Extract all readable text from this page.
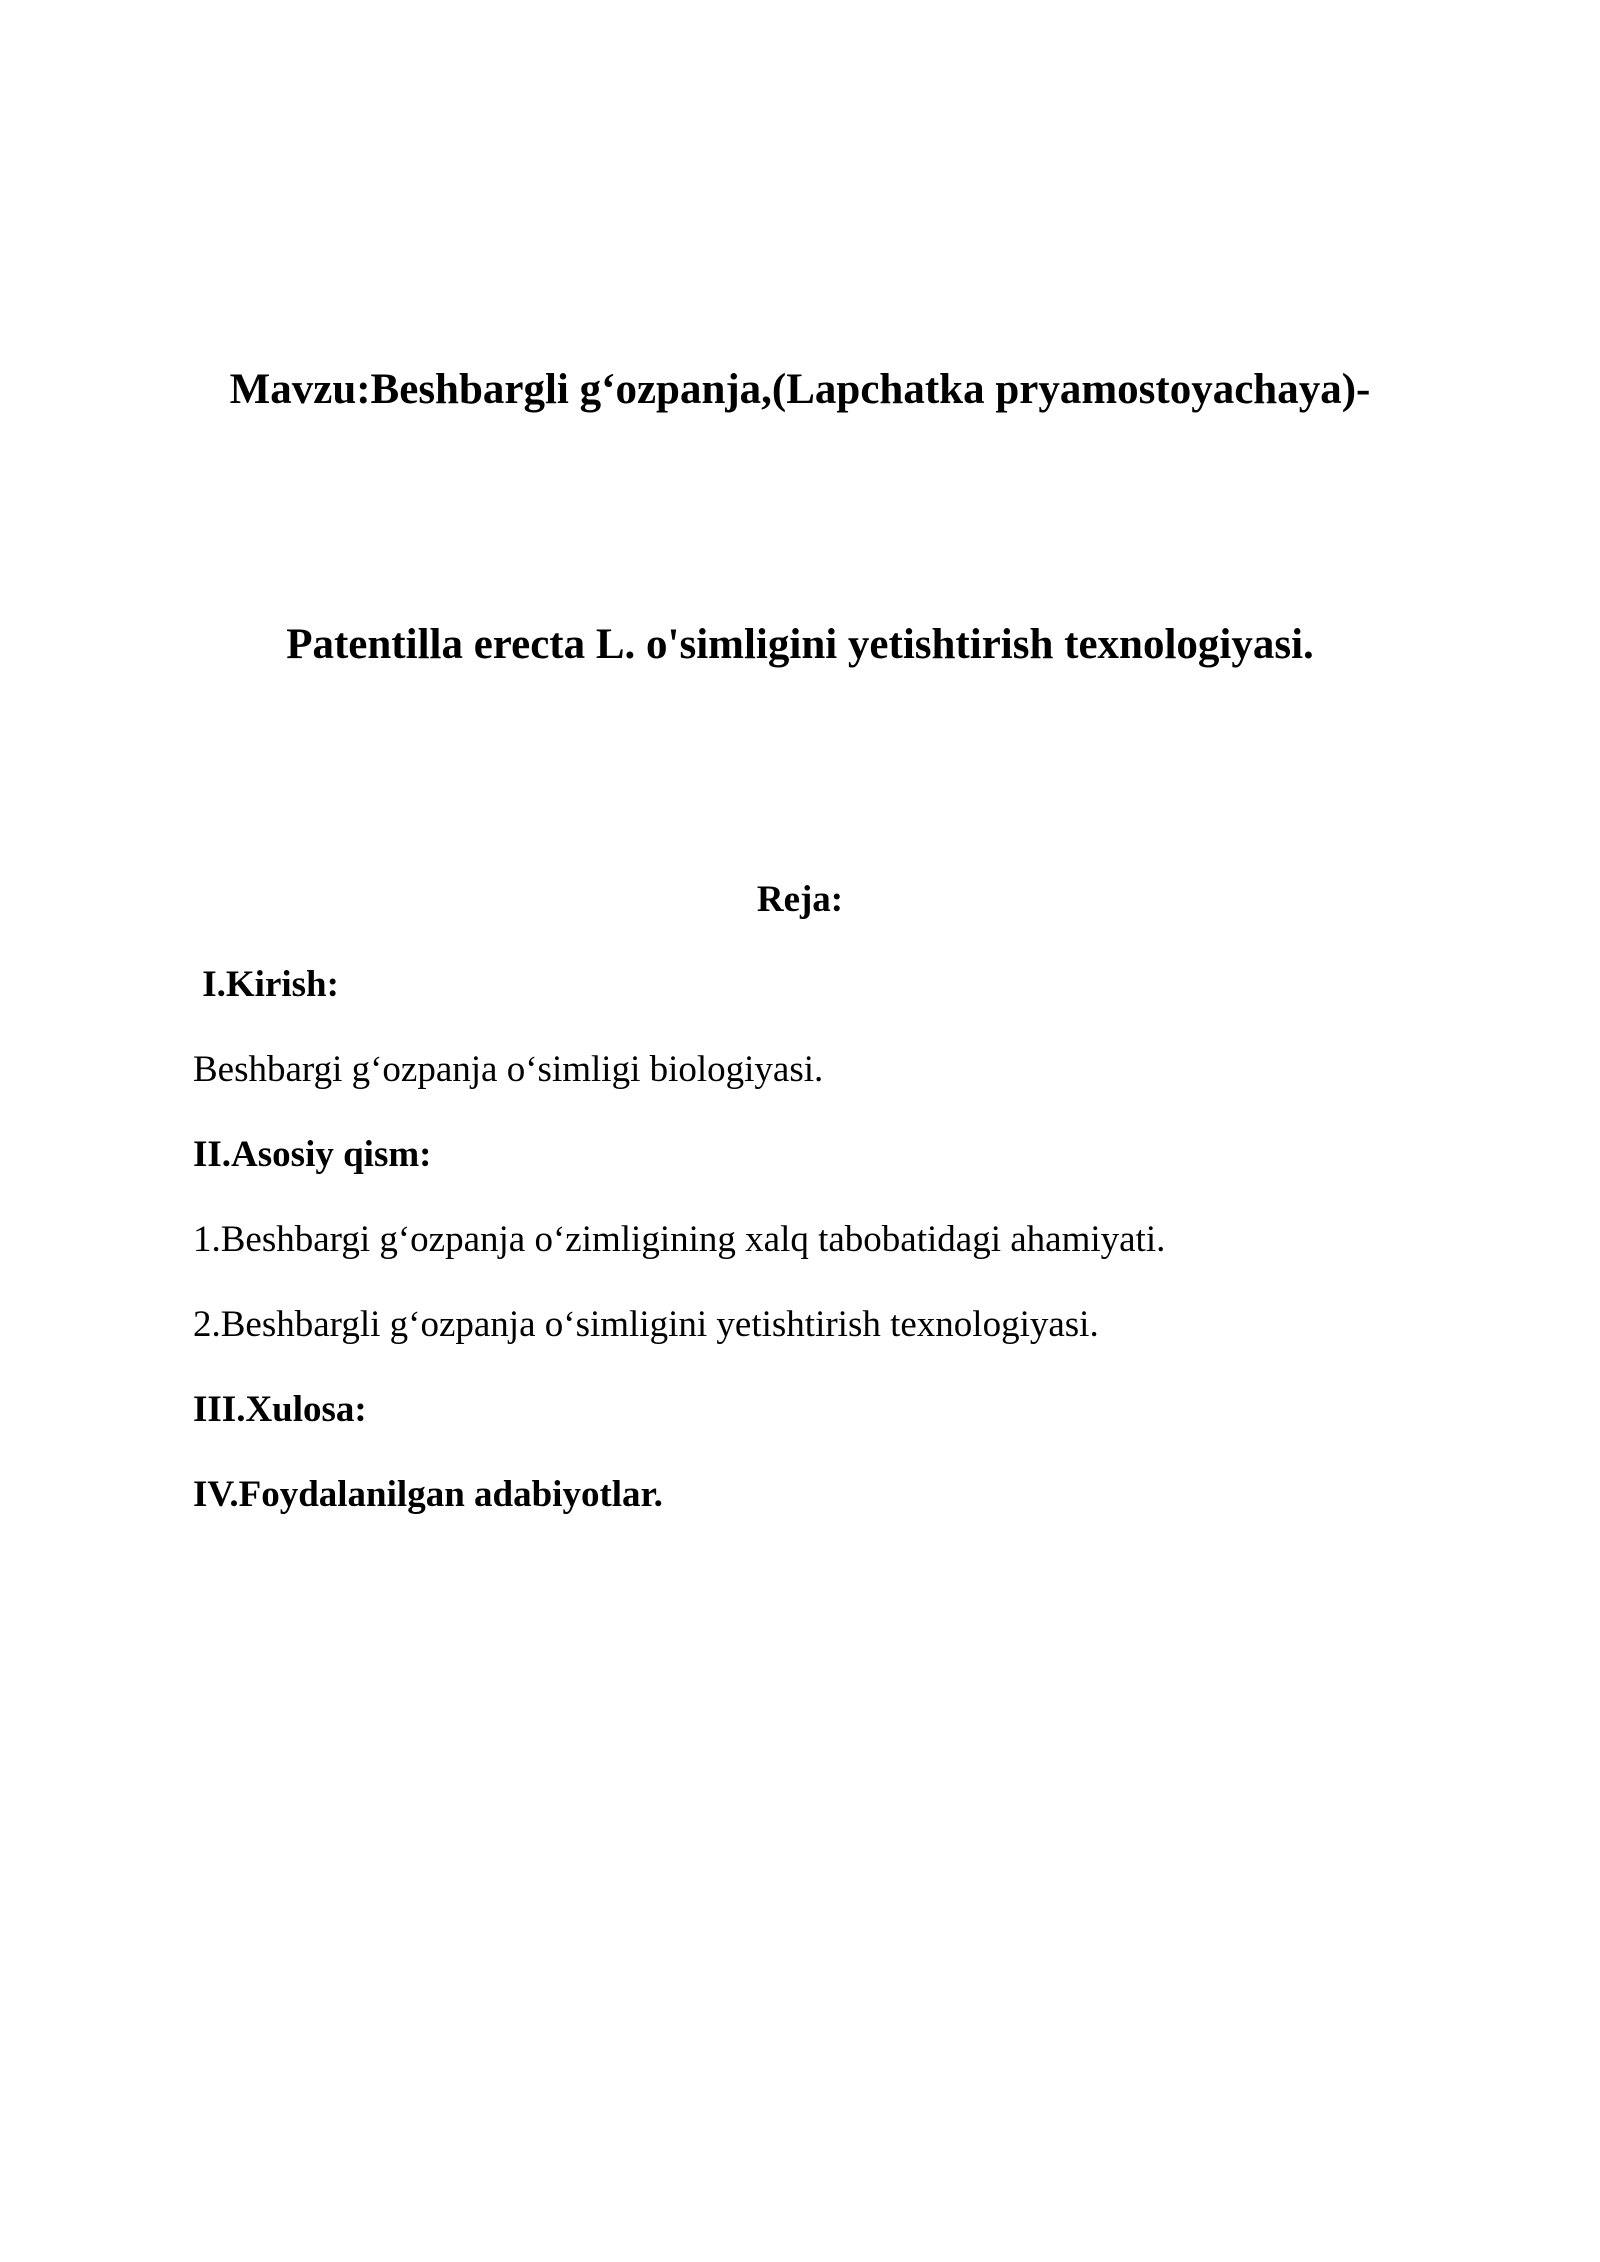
Mavzu:Beshbargli g‘ozpanja,(Lapchatka pryamostoyachaya)-

Patentilla erecta L. o'simligini yetishtirish texnologiyasi.

Reja:

I.Kirish:

Beshbargi g‘ozpanja o‘simligi biologiyasi.

II.Asosiy qism:

1.Beshbargi g‘ozpanja o‘zimligining xalq tabobatidagi ahamiyati.

2.Beshbargli g‘ozpanja o‘simligini yetishtirish texnologiyasi.

III.Xulosa:

IV.Foydalanilgan adabiyotlar.
